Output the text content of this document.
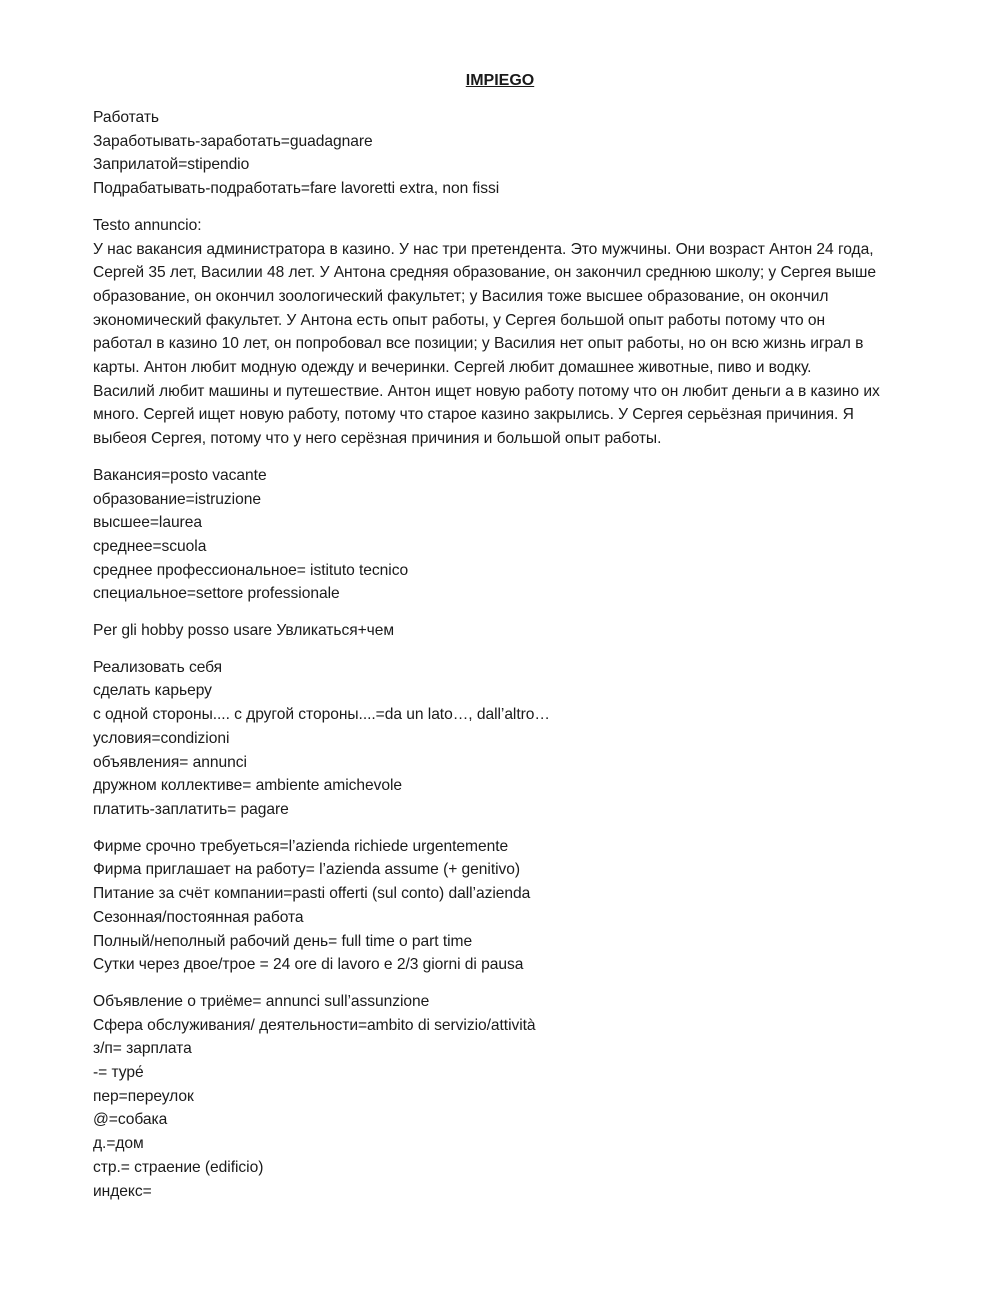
IMPIEGO
Работать
Заработывать-заработать=guadagnare
Заприлатой=stipendio
Подрабатывать-подработать=fare lavoretti extra, non fissi
Testo annuncio:
У нас вакансия администратора в казино. У нас три претендента. Это мужчины. Они возраст Антон 24 года,
Сергей 35 лет, Василии 48 лет. У Антона средняя образование, он закончил среднюю школу; у Сергея выше
образование, он окончил зоологический факультет; у Василия тоже высшее образование, он окончил
экономический факультет. У Антона есть опыт работы, у Сергея большой опыт работы потому что он
работал в казино 10 лет, он попробовал все позиции; у Василия нет опыт работы, но он всю жизнь играл в
карты. Антон любит модную одежду и вечеринки. Сергей любит домашнее животные, пиво и водку.
Василий любит машины и путешествие. Антон ищет новую работу потому что он любит деньги а в казино их
много. Сергей ищет новую работу, потому что старое казино закрылись. У Сергея серьёзная причиния. Я
выбеоя Сергея, потому что у него серёзная причиния и большой опыт работы.
Вакансия=posto vacante
образование=istruzione
высшее=laurea
среднее=scuola
среднее профессиональное= istituto tecnico
специальное=settore professionale
Per gli hobby posso usare Увликаться+чем
Реализовать себя
сделать карьеру
с одной стороны.... с другой стороны....=da un lato…, dall’altro…
условия=condizioni
объявления= annunci
дружном коллективе= ambiente amichevole
платить-заплатить= pagare
Фирме срочно требуеться=l’azienda richiede urgentemente
Фирма приглашает на работу= l’azienda assume (+ genitivo)
Питание за счёт компании=pasti offerti (sul conto) dall’azienda
Сезонная/постоянная работа
Полный/неполный рабочий день= full time o part time
Сутки через двое/трое = 24 ore di lavoro e 2/3 giorni di pausa
Объявление о триёме= annunci sull’assunzione
Сфера обслуживания/ деятельности=ambito di servizio/attività
з/п= зарплата
-= туре́
пер=переулок
@=собака
д.=дом
стр.= страение (edificio)
индекс=
